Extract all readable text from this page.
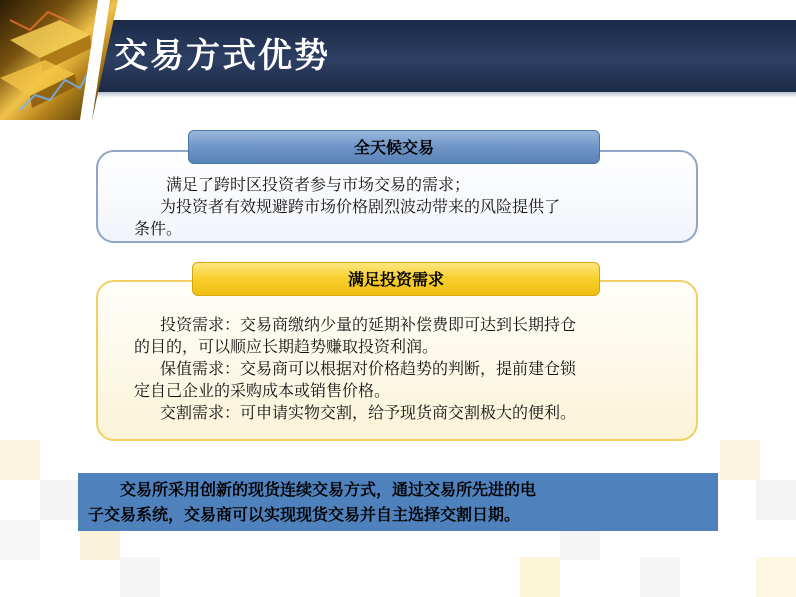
交易方式优势
满足了跨时区投资者参与市场交易的需求；
为投资者有效规避跨市场价格剧烈波动带来的风险提供了
条件。
全天候交易
投资需求：交易商缴纳少量的延期补偿费即可达到长期持仓
的目的，可以顺应长期趋势赚取投资利润。
保值需求：交易商可以根据对价格趋势的判断，提前建仓锁
定自己企业的采购成本或销售价格。
交割需求：可申请实物交割，给予现货商交割极大的便利。
满足投资需求
交易所采用创新的现货连续交易方式，通过交易所先进的电
子交易系统，交易商可以实现现货交易并自主选择交割日期。
